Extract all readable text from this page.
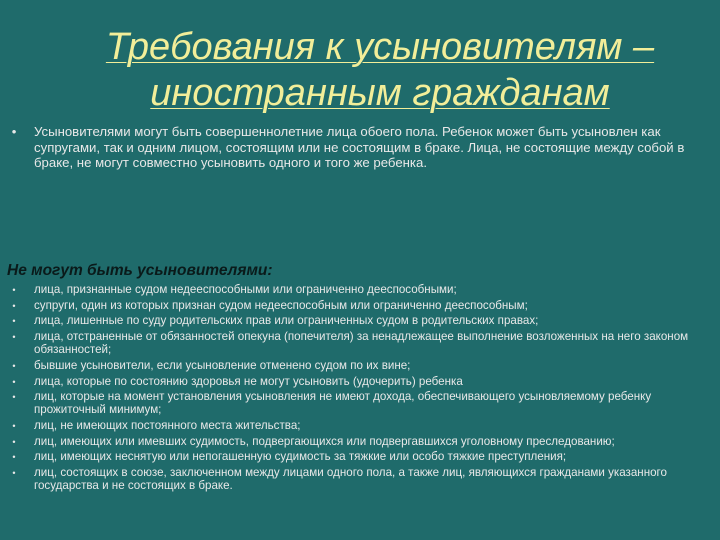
Требования к усыновителям –
иностранным гражданам
• Усыновителями могут быть совершеннолетние лица обоего пола. Ребенок может быть усыновлен как супругами, так и одним лицом, состоящим или не состоящим в браке. Лица, не состоящие между собой в браке, не могут совместно усыновить одного и того же ребенка.
Не могут быть усыновителями:
•	лица, признанные судом недееспособными или ограниченно дееспособными;
•	супруги, один из которых признан судом недееспособным или ограниченно дееспособным;
•	лица, лишенные по суду родительских прав или ограниченных судом в родительских правах;
•	лица, отстраненные от обязанностей опекуна (попечителя) за ненадлежащее выполнение возложенных на него законом обязанностей;
•	бывшие усыновители, если усыновление отменено судом по их вине;
•	лица, которые по состоянию здоровья не могут усыновить (удочерить) ребенка
•	лиц, которые на момент установления усыновления не имеют дохода, обеспечивающего усыновляемому ребенку прожиточный минимум;
•	лиц, не имеющих постоянного места жительства;
•	лиц, имеющих или имевших судимость, подвергающихся или подвергавшихся уголовному преследованию;
•	лиц, имеющих неснятую или непогашенную судимость за тяжкие или особо тяжкие преступления;
•	лиц, состоящих в союзе, заключенном между лицами одного пола, а также лиц, являющихся гражданами указанного государства и не состоящих в браке.
